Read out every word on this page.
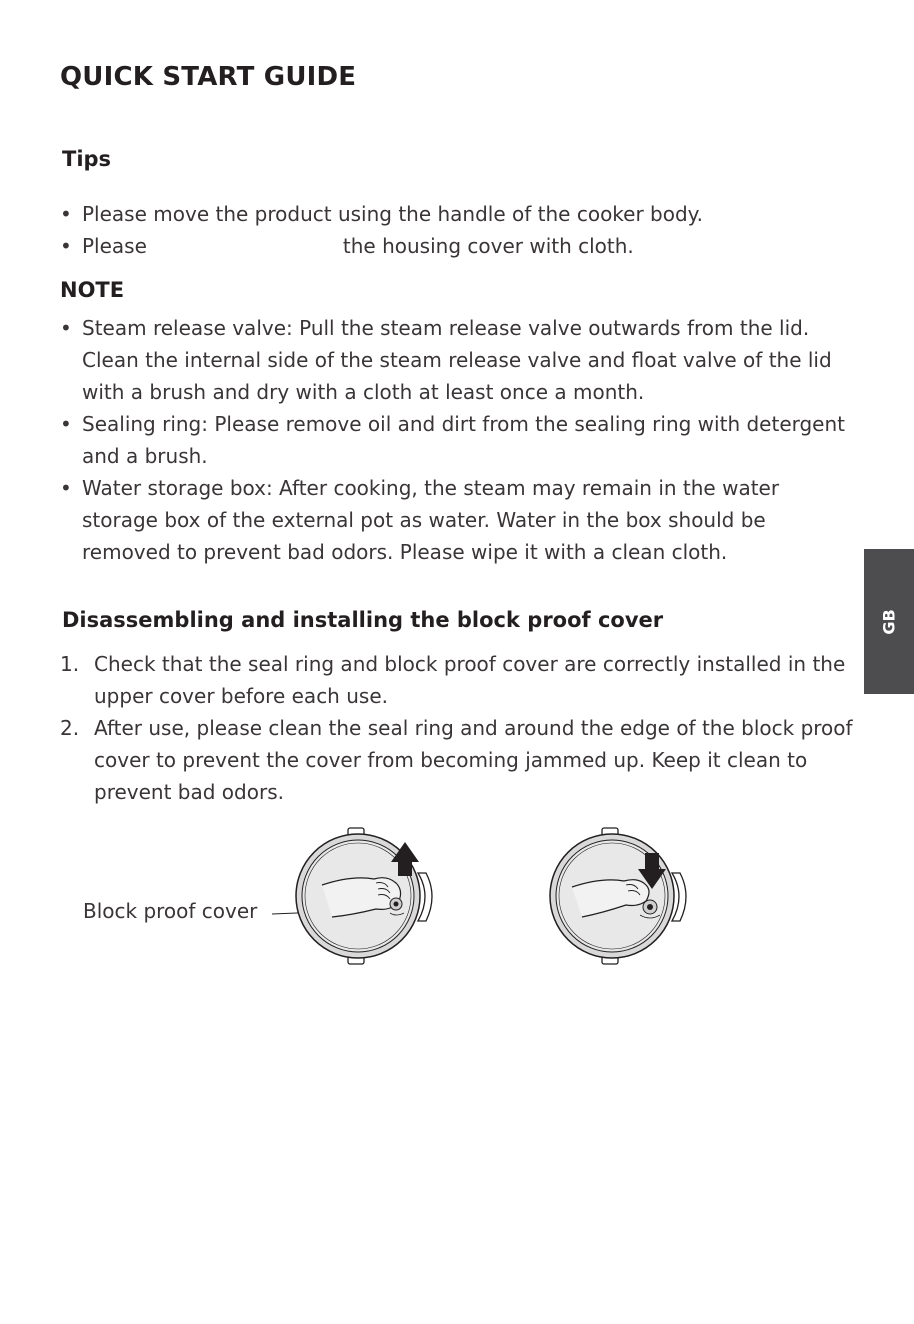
QUICK START GUIDE
Tips
• Please move the product using the handle of the cooker body.
• Please	the housing cover with cloth.
NOTE
• Steam release valve: Pull the steam release valve outwards from the lid. Clean the internal side of the steam release valve and float valve of the lid with a brush and dry with a cloth at least once a month.
• Sealing ring: Please remove oil and dirt from the sealing ring with detergent and a brush.
• Water storage box: After cooking, the steam may remain in the water storage box of the external pot as water. Water in the box should be removed to prevent bad odors. Please wipe it with a clean cloth.
Disassembling and installing the block proof cover
1. Check that the seal ring and block proof cover are correctly installed in the upper cover before each use.
2. After use, please clean the seal ring and around the edge of the block proof cover to prevent the cover from becoming jammed up. Keep it clean to prevent bad odors.

Block proof cover

GB
